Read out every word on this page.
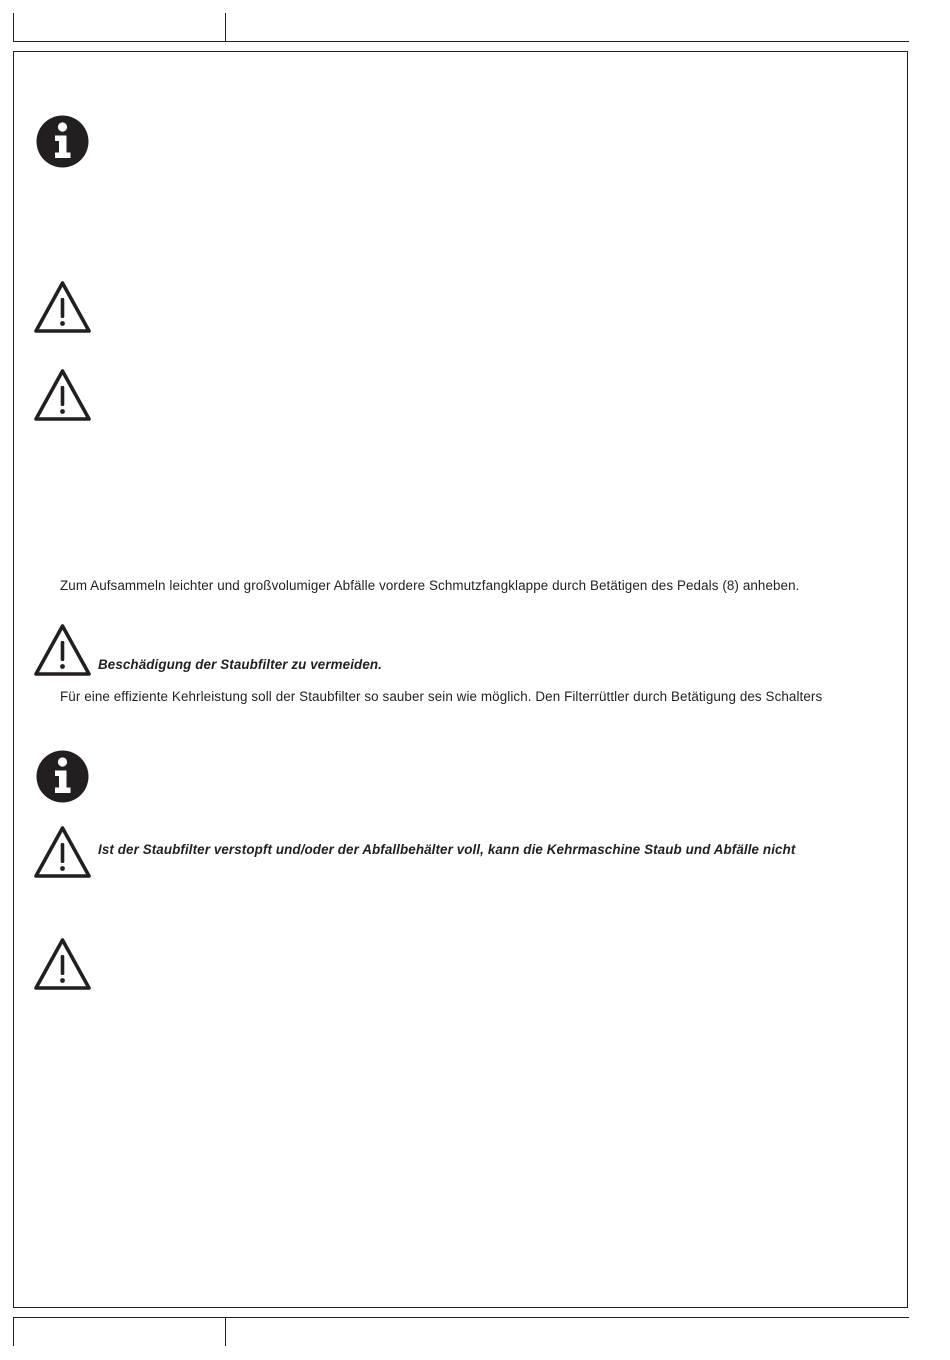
Zum Aufsammeln leichter und großvolumiger Abfälle vordere Schmutzfangklappe durch Betätigen des Pedals (8) anheben.
Beschädigung der Staubfilter zu vermeiden.
Für eine effiziente Kehrleistung soll der Staubfilter so sauber sein wie möglich. Den Filterrüttler durch Betätigung des Schalters
Ist der Staubfilter verstopft und/oder der Abfallbehälter voll, kann die Kehrmaschine Staub und Abfälle nicht
